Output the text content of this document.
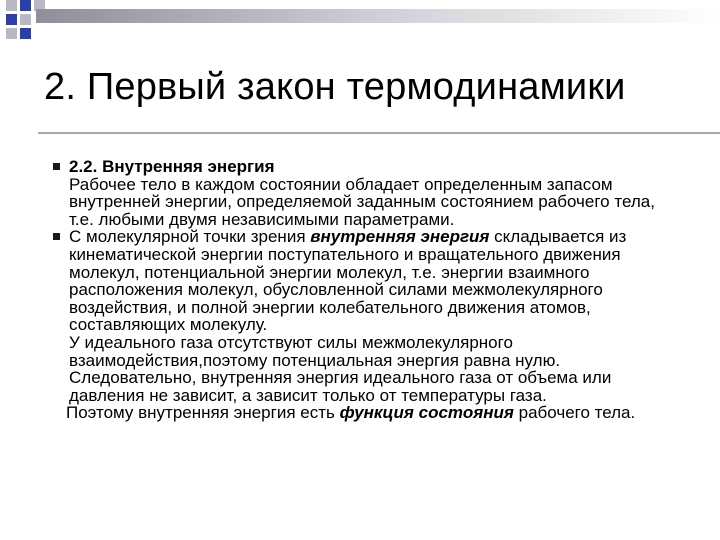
2. Первый закон термодинамики

2.2. Внутренняя энергия

Рабочее тело в каждом состоянии обладает определенным запасом внутренней энергии, определяемой заданным состоянием рабочего тела, т.е. любыми двумя независимыми параметрами.

С молекулярной точки зрения внутренняя энергия складывается из кинематической энергии поступательного и вращательного движения молекул, потенциальной энергии молекул, т.е. энергии взаимного расположения молекул, обусловленной силами межмолекулярного воздействия, и полной энергии колебательного движения атомов, составляющих молекулу.

У идеального газа отсутствуют силы межмолекулярного взаимодействия,поэтому потенциальная энергия равна нулю. Следовательно, внутренняя энергия идеального газа от объема или давления не зависит, а зависит только от температуры газа.

Поэтому внутренняя энергия есть функция состояния рабочего тела.
